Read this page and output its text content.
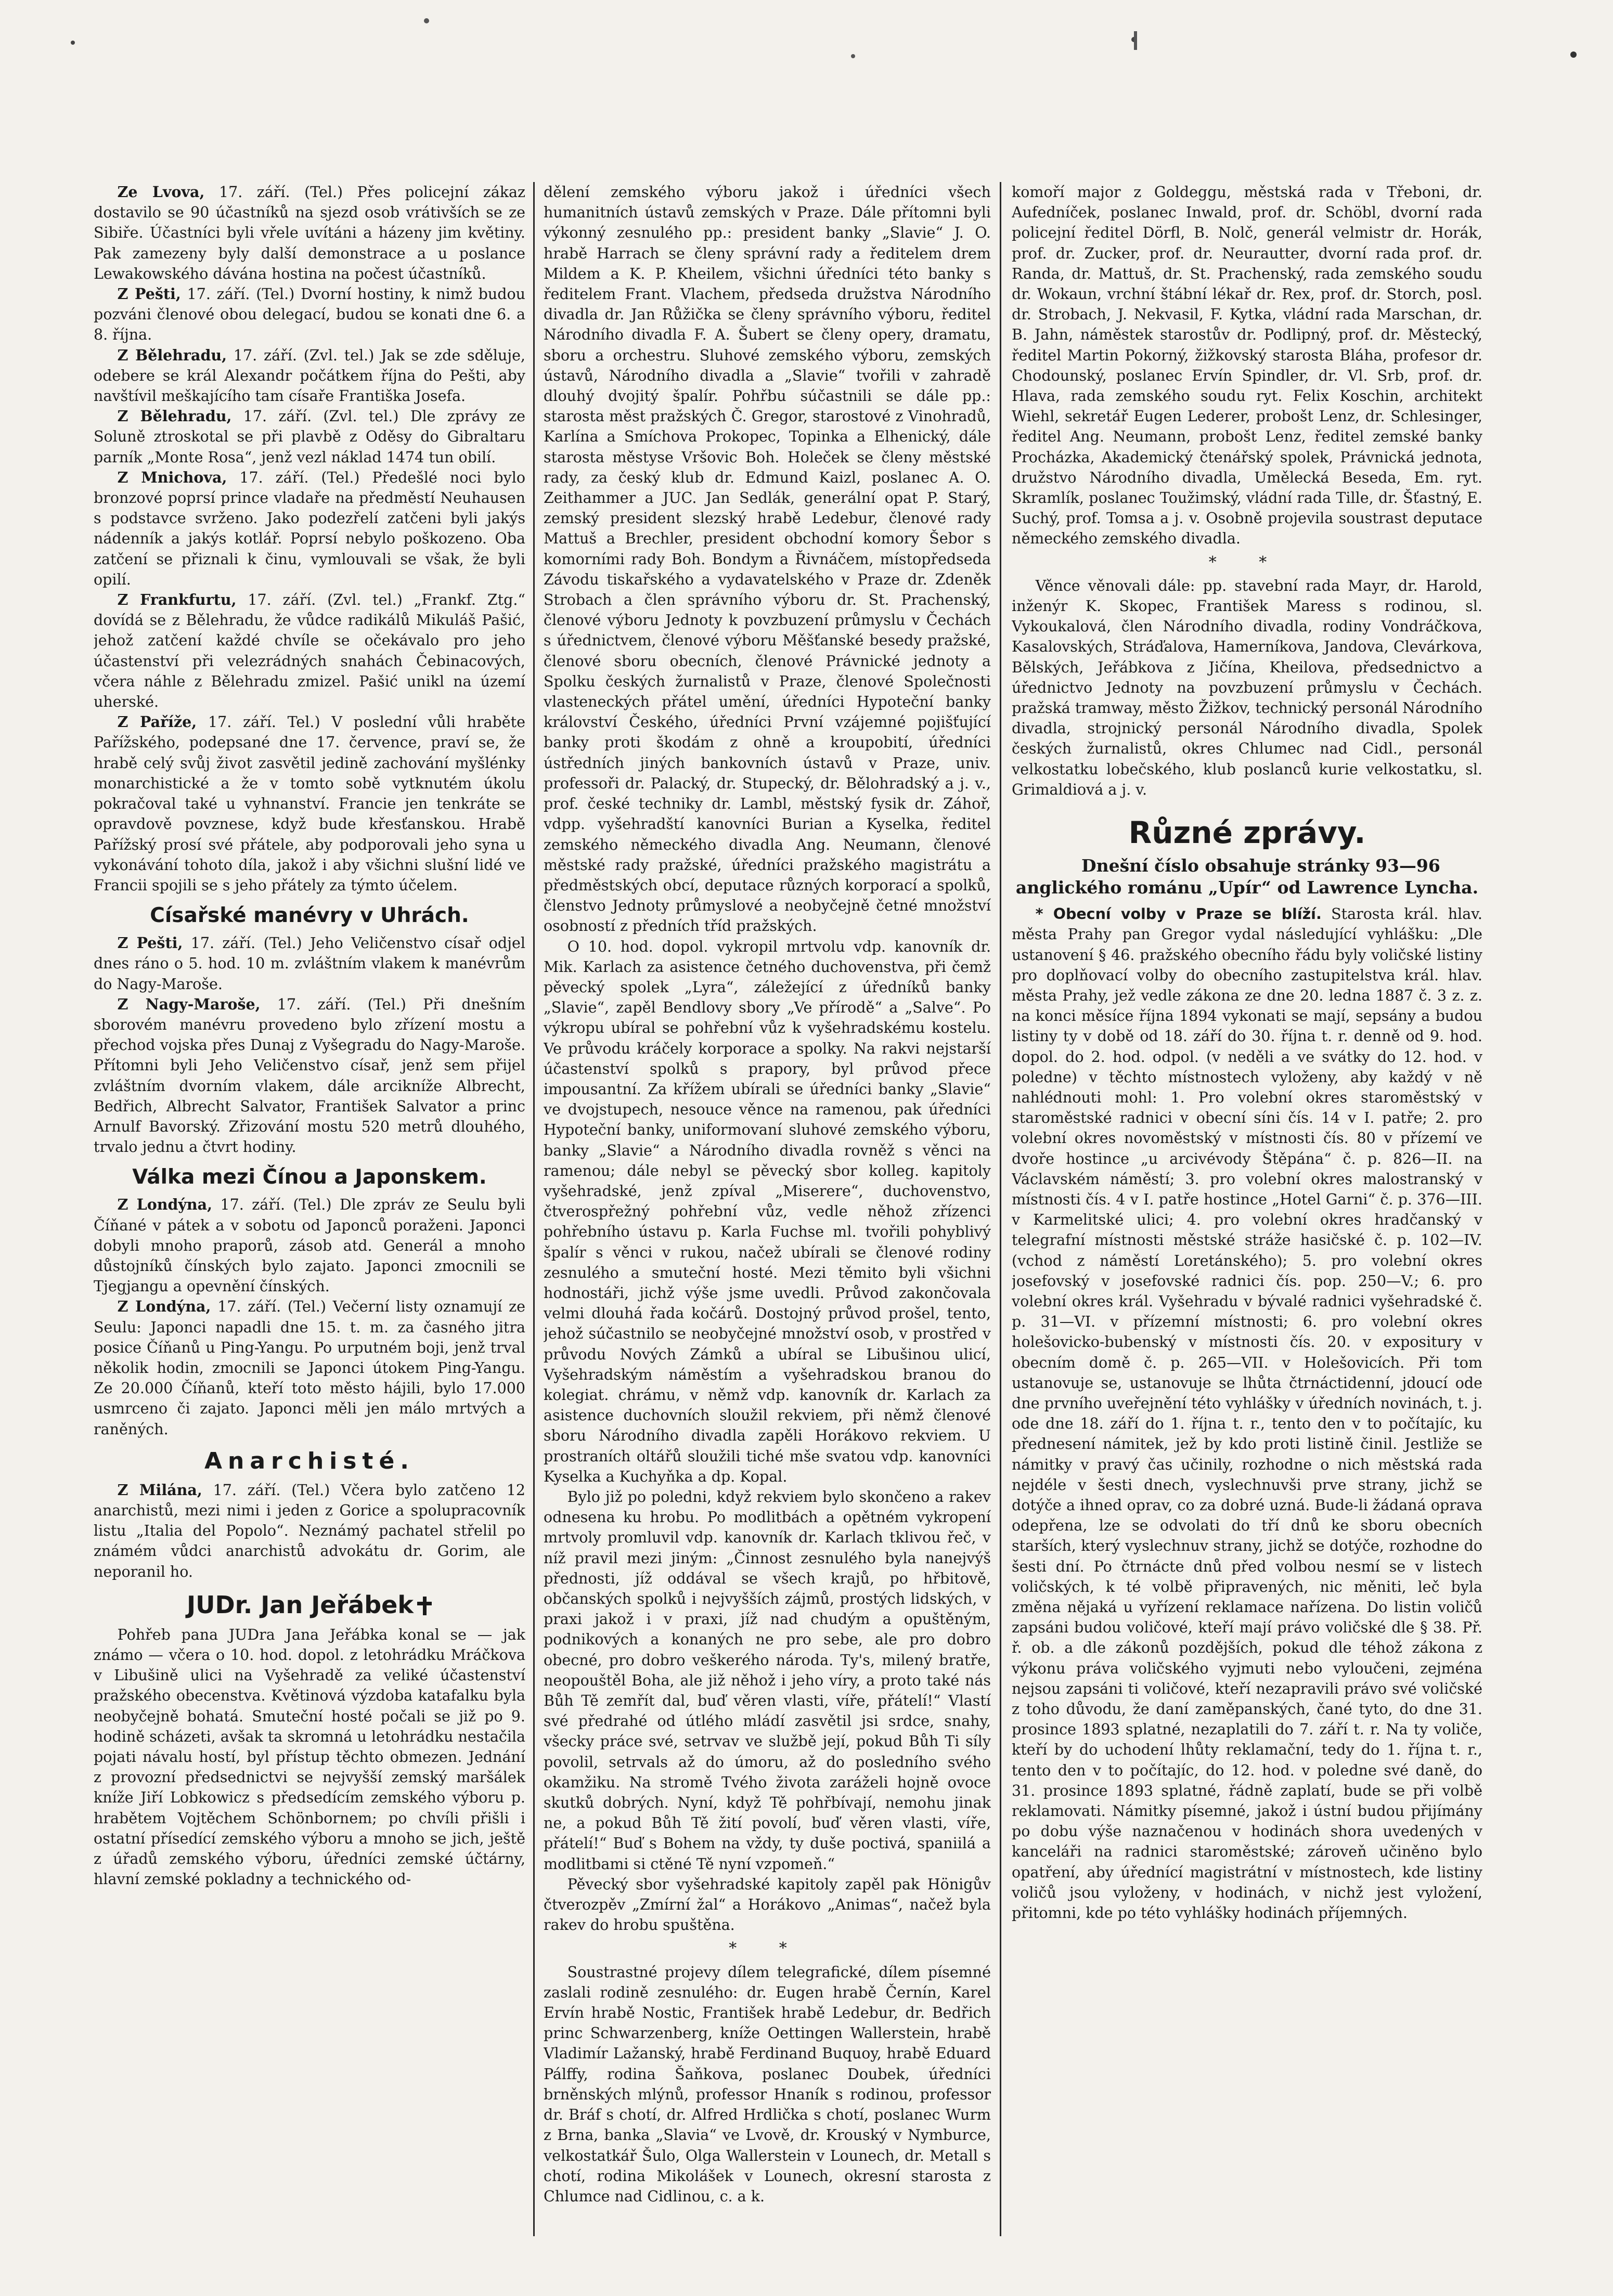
Ze Lvova, 17. září. (Tel.) Přes policejní zákaz dostavilo se 90 účastníků na sjezd osob vrátivších se ze Sibiře. Účastníci byli vřele uvítáni a házeny jim květiny. Pak zamezeny byly další demonstrace a u poslance Lewakowského dávána hostina na počest účastníků.

Z Pešti, 17. září. (Tel.) Dvorní hostiny, k nimž budou pozváni členové obou delegací, budou se konati dne 6. a 8. října.

Z Bělehradu, 17. září. (Zvl. tel.) Jak se zde sděluje, odebere se král Alexandr počátkem října do Pešti, aby navštívil meškajícího tam císaře Františka Josefa.

Z Bělehradu, 17. září. (Zvl. tel.) Dle zprávy ze Soluně ztroskotal se při plavbě z Oděsy do Gibraltaru parník „Monte Rosa“, jenž vezl náklad 1474 tun obilí.

Z Mnichova, 17. září. (Tel.) Předešlé noci bylo bronzové poprsí prince vladaře na předměstí Neuhausen s podstavce svrženo. Jako podezřelí zatčeni byli jakýs nádenník a jakýs kotlář. Poprsí nebylo poškozeno. Oba zatčení se přiznali k činu, vymlouvali se však, že byli opilí.

Z Frankfurtu, 17. září. (Zvl. tel.) „Frankf. Ztg.“ dovídá se z Bělehradu, že vůdce radikálů Mikuláš Pašić, jehož zatčení každé chvíle se očekávalo pro jeho účastenství při velezrádných snahách Čebinacových, včera náhle z Bělehradu zmizel. Pašić unikl na území uherské.

Z Paříže, 17. září. Tel.) V poslední vůli hraběte Pařížského, podepsané dne 17. července, praví se, že hrabě celý svůj život zasvětil jedině zachování myšlénky monarchistické a že v tomto sobě vytknutém úkolu pokračoval také u vyhnanství. Francie jen tenkráte se opravdově povznese, když bude křesťanskou. Hrabě Pařížský prosí své přátele, aby podporovali jeho syna u vykonávání tohoto díla, jakož i aby všichni slušní lidé ve Francii spojili se s jeho přátely za týmto účelem.

Císařské manévry v Uhrách.

Z Pešti, 17. září. (Tel.) Jeho Veličenstvo císař odjel dnes ráno o 5. hod. 10 m. zvláštním vlakem k manévrům do Nagy-Maroše.

Z Nagy-Maroše, 17. září. (Tel.) Při dnešním sborovém manévru provedeno bylo zřízení mostu a přechod vojska přes Dunaj z Vyšegradu do Nagy-Maroše. Přítomni byli Jeho Veličenstvo císař, jenž sem přijel zvláštním dvorním vlakem, dále arcikníže Albrecht, Bedřich, Albrecht Salvator, František Salvator a princ Arnulf Bavorský. Zřizování mostu 520 metrů dlouhého, trvalo jednu a čtvrt hodiny.

Válka mezi Čínou a Japonskem.

Z Londýna, 17. září. (Tel.) Dle zpráv ze Seulu byli Číňané v pátek a v sobotu od Japonců poraženi. Japonci dobyli mnoho praporů, zásob atd. Generál a mnoho důstojníků čínských bylo zajato. Japonci zmocnili se Tjegjangu a opevnění čínských.

Z Londýna, 17. září. (Tel.) Večerní listy oznamují ze Seulu: Japonci napadli dne 15. t. m. za časného jitra posice Číňanů u Ping-Yangu. Po urputném boji, jenž trval několik hodin, zmocnili se Japonci útokem Ping-Yangu. Ze 20.000 Číňanů, kteří toto město hájili, bylo 17.000 usmrceno či zajato. Japonci měli jen málo mrtvých a raněných.

Anarchisté.

Z Milána, 17. září. (Tel.) Včera bylo zatčeno 12 anarchistů, mezi nimi i jeden z Gorice a spolupracovník listu „Italia del Popolo“. Neznámý pachatel střelil po známém vůdci anarchistů advokátu dr. Gorim, ale neporanil ho.

JUDr. Jan Jeřábek

Pohřeb pana JUDra Jana Jeřábka konal se — jak známo — včera o 10. hod. dopol. z letohrádku Mráčkova v Libušině ulici na Vyšehradě za veliké účastenství pražského obecenstva. Květinová výzdoba katafalku byla neobyčejně bohatá. Smuteční hosté počali se již po 9. hodině scházeti, avšak ta skromná u letohrádku nestačila pojati návalu hostí, byl přístup těchto obmezen. Jednání z provozní předsednictvi se nejvyšší zemský maršálek kníže Jiří Lobkowicz s předsedícím zemského výboru p. hrabětem Vojtěchem Schönbornem; po chvíli přišli i ostatní přísedící zemského výboru a mnoho se jich, ještě z úřadů zemského výboru, úředníci zemské účtárny, hlavní zemské pokladny a technického od-

dělení zemského výboru jakož i úředníci všech humanitních ústavů zemských v Praze. Dále přítomni byli výkonný zesnulého pp.: president banky „Slavie“ J. O. hrabě Harrach se členy správní rady a ředitelem drem Mildem a K. P. Kheilem, všichni úředníci této banky s ředitelem Frant. Vlachem, předseda družstva Národního divadla dr. Jan Růžička se členy správního výboru, ředitel Národního divadla F. A. Šubert se členy opery, dramatu, sboru a orchestru. Sluhové zemského výboru, zemských ústavů, Národního divadla a „Slavie“ tvořili v zahradě dlouhý dvojitý špalír. Pohřbu súčastnili se dále pp.: starosta měst pražských Č. Gregor, starostové z Vinohradů, Karlína a Smíchova Prokopec, Topinka a Elhenický, dále starosta městyse Vršovic Boh. Holeček se členy městské rady, za český klub dr. Edmund Kaizl, poslanec A. O. Zeithammer a JUC. Jan Sedlák, generální opat P. Starý, zemský president slezský hrabě Ledebur, členové rady Mattuš a Brechler, president obchodní komory Šebor s komorními rady Boh. Bondym a Řivnáčem, místopředseda Závodu tiskařského a vydavatelského v Praze dr. Zdeněk Strobach a člen správního výboru dr. St. Prachenský, členové výboru Jednoty k povzbuzení průmyslu v Čechách s úřednictvem, členové výboru Měšťanské besedy pražské, členové sboru obecních, členové Právnické jednoty a Spolku českých žurnalistů v Praze, členové Společnosti vlasteneckých přátel umění, úředníci Hypoteční banky království Českého, úředníci První vzájemné pojišťující banky proti škodám z ohně a kroupobití, úředníci ústředních jiných bankovních ústavů v Praze, univ. professoři dr. Palacký, dr. Stupecký, dr. Bělohradský a j. v., prof. české techniky dr. Lambl, městský fysik dr. Záhoř, vdpp. vyšehradští kanovníci Burian a Kyselka, ředitel zemského německého divadla Ang. Neumann, členové městské rady pražské, úředníci pražského magistrátu a předměstských obcí, deputace různých korporací a spolků, členstvo Jednoty průmyslové a neobyčejně četné množství osobností z předních tříd pražských.

O 10. hod. dopol. vykropil mrtvolu vdp. kanovník dr. Mik. Karlach za asistence četného duchovenstva, při čemž pěvecký spolek „Lyra“, záležející z úředníků banky „Slavie“, zapěl Bendlovy sbory „Ve přírodě“ a „Salve“. Po výkropu ubíral se pohřební vůz k vyšehradskému kostelu. Ve průvodu kráčely korporace a spolky. Na rakvi nejstarší účastenství spolků s prapory, byl průvod přece impousantní. Za křížem ubírali se úředníci banky „Slavie“ ve dvojstupech, nesouce věnce na ramenou, pak úředníci Hypoteční banky, uniformovaní sluhové zemského výboru, banky „Slavie“ a Národního divadla rovněž s věnci na ramenou; dále nebyl se pěvecký sbor kolleg. kapitoly vyšehradské, jenž zpíval „Miserere“, duchovenstvo, čtverospřežný pohřební vůz, vedle něhož zřízenci pohřebního ústavu p. Karla Fuchse ml. tvořili pohyblivý špalír s věnci v rukou, načež ubírali se členové rodiny zesnulého a smuteční hosté. Mezi těmito byli všichni hodnostáři, jichž výše jsme uvedli. Průvod zakončovala velmi dlouhá řada kočárů. Dostojný průvod prošel, tento, jehož súčastnilo se neobyčejné množství osob, v prostřed v průvodu Nových Zámků a ubíral se Libušinou ulicí, Vyšehradským náměstím a vyšehradskou branou do kolegiat. chrámu, v němž vdp. kanovník dr. Karlach za asistence duchovních sloužil rekviem, při němž členové sboru Národního divadla zapěli Horákovo rekviem. U prostraních oltářů sloužili tiché mše svatou vdp. kanovníci Kyselka a Kuchyňka a dp. Kopal.

Bylo již po poledni, když rekviem bylo skončeno a rakev odnesena ku hrobu. Po modlitbách a opětném vykropení mrtvoly promluvil vdp. kanovník dr. Karlach tklivou řeč, v níž pravil mezi jiným: „Činnost zesnulého byla nanejvýš přednosti, jíž oddával se všech krajů, po hřbitově, občanských spolků i nejvyšších zájmů, prostých lidských, v praxi jakož i v praxi, jíž nad chudým a opuštěným, podnikových a konaných ne pro sebe, ale pro dobro obecné, pro dobro veškerého národa. Ty's, milený bratře, neopouštěl Boha, ale již něhož i jeho víry, a proto také nás Bůh Tě zemřít dal, buď věren vlasti, víře, přátelí!“ Vlastí své předrahé od útlého mládí zasvětil jsi srdce, snahy, všecky práce své, setrvav ve službě její, pokud Bůh Ti síly povolil, setrvals až do úmoru, až do posledního svého okamžiku. Na stromě Tvého života zaráželi hojně ovoce skutků dobrých. Nyní, když Tě pohřbívají, nemohu jinak ne, a pokud Bůh Tě žití povolí, buď věren vlasti, víře, přátelí!“ Buď s Bohem na vždy, ty duše poctivá, spaniilá a modlitbami si ctěné Tě nyní vzpomeň.“

Pěvecký sbor vyšehradské kapitoly zapěl pak Hönigův čtverozpěv „Zmírní žal“ a Horákovo „Animas“, načež byla rakev do hrobu spuštěna.

* *

Soustrastné projevy dílem telegrafické, dílem písemné zaslali rodině zesnulého: dr. Eugen hrabě Černín, Karel Ervín hrabě Nostic, František hrabě Ledebur, dr. Bedřich princ Schwarzenberg, kníže Oettingen Wallerstein, hrabě Vladimír Lažanský, hrabě Ferdinand Buquoy, hrabě Eduard Pálffy, rodina Šaňkova, poslanec Doubek, úředníci brněnských mlýnů, professor Hnaník s rodinou, professor dr. Bráf s chotí, dr. Alfred Hrdlička s chotí, poslanec Wurm z Brna, banka „Slavia“ ve Lvově, dr. Krouský v Nymburce, velkostatkář Šulo, Olga Wallerstein v Lounech, dr. Metall s chotí, rodina Mikolášek v Lounech, okresní starosta z Chlumce nad Cidlinou, c. a k.

komoří major z Goldeggu, městská rada v Třeboni, dr. Aufedníček, poslanec Inwald, prof. dr. Schöbl, dvorní rada policejní ředitel Dörfl, B. Nolč, generál velmistr dr. Horák, prof. dr. Zucker, prof. dr. Neurautter, dvorní rada prof. dr. Randa, dr. Mattuš, dr. St. Prachenský, rada zemského soudu dr. Wokaun, vrchní štábní lékař dr. Rex, prof. dr. Storch, posl. dr. Strobach, J. Nekvasil, F. Kytka, vládní rada Marschan, dr. B. Jahn, náměstek starostův dr. Podlipný, prof. dr. Městecký, ředitel Martin Pokorný, žižkovský starosta Bláha, profesor dr. Chodounský, poslanec Ervín Spindler, dr. Vl. Srb, prof. dr. Hlava, rada zemského soudu ryt. Felix Koschin, architekt Wiehl, sekretář Eugen Lederer, probošt Lenz, dr. Schlesinger, ředitel Ang. Neumann, probošt Lenz, ředitel zemské banky Procházka, Akademický čtenářský spolek, Právnická jednota, družstvo Národního divadla, Umělecká Beseda, Em. ryt. Skramlík, poslanec Toužimský, vládní rada Tille, dr. Šťastný, E. Suchý, prof. Tomsa a j. v. Osobně projevila soustrast deputace německého zemského divadla.

* *

Věnce věnovali dále: pp. stavební rada Mayr, dr. Harold, inženýr K. Skopec, František Maress s rodinou, sl. Vykoukalová, člen Národního divadla, rodiny Vondráčkova, Kasalovských, Stráďalova, Hamerníkova, Jandova, Clevárkova, Bělských, Jeřábkova z Jičína, Kheilova, předsednictvo a úřednictvo Jednoty na povzbuzení průmyslu v Čechách. pražská tramway, město Žižkov, technický personál Národního divadla, strojnický personál Národního divadla, Spolek českých žurnalistů, okres Chlumec nad Cidl., personál velkostatku lobečského, klub poslanců kurie velkostatku, sl. Grimaldiová a j. v.

Různé zprávy.

Dnešní číslo obsahuje stránky 93—96 anglického románu „Upír“ od Lawrence Lyncha.

* Obecní volby v Praze se blíží. Starosta král. hlav. města Prahy pan Gregor vydal následující vyhlášku: „Dle ustanovení § 46. pražského obecního řádu byly voličské listiny pro doplňovací volby do obecního zastupitelstva král. hlav. města Prahy, jež vedle zákona ze dne 20. ledna 1887 č. 3 z. z. na konci měsíce října 1894 vykonati se mají, sepsány a budou listiny ty v době od 18. září do 30. října t. r. denně od 9. hod. dopol. do 2. hod. odpol. (v neděli a ve svátky do 12. hod. v poledne) v těchto místnostech vyloženy, aby každý v ně nahlédnouti mohl: 1. Pro volební okres staroměstský v staroměstské radnici v obecní síni čís. 14 v I. patře; 2. pro volební okres novoměstský v místnosti čís. 80 v přízemí ve dvoře hostince „u arcivévody Štěpána“ č. p. 826—II. na Václavském náměstí; 3. pro volební okres malostranský v místnosti čís. 4 v I. patře hostince „Hotel Garni“ č. p. 376—III. v Karmelitské ulici; 4. pro volební okres hradčanský v telegrafní místnosti městské stráže hasičské č. p. 102—IV. (vchod z náměstí Loretánského); 5. pro volební okres josefovský v josefovské radnici čís. pop. 250—V.; 6. pro volební okres král. Vyšehradu v bývalé radnici vyšehradské č. p. 31—VI. v přízemní místnosti; 6. pro volební okres holešovicko-bubenský v místnosti čís. 20. v expositury v obecním domě č. p. 265—VII. v Holešovicích. Při tom ustanovuje se, ustanovuje se lhůta čtrnáctidenní, jdoucí ode dne prvního uveřejnění této vyhlášky v úředních novinách, t. j. ode dne 18. září do 1. října t. r., tento den v to počítajíc, ku přednesení námitek, jež by kdo proti listině činil. Jestliže se námitky v pravý čas učinily, rozhodne o nich městská rada nejdéle v šesti dnech, vyslechnuvši prve strany, jichž se dotýče a ihned oprav, co za dobré uzná. Bude-li žádaná oprava odepřena, lze se odvolati do tří dnů ke sboru obecních starších, který vyslechnuv strany, jichž se dotýče, rozhodne do šesti dní. Po čtrnácte dnů před volbou nesmí se v listech voličských, k té volbě připravených, nic měniti, leč byla změna nějaká u vyřízení reklamace nařízena. Do listin voličů zapsáni budou voličové, kteří mají právo voličské dle § 38. Př. ř. ob. a dle zákonů pozdějších, pokud dle téhož zákona z výkonu práva voličského vyjmuti nebo vyloučeni, zejména nejsou zapsáni ti voličové, kteří nezapravili právo své voličské z toho důvodu, že daní zaměpanských, čané tyto, do dne 31. prosince 1893 splatné, nezaplatili do 7. září t. r. Na ty voliče, kteří by do uchodení lhůty reklamační, tedy do 1. října t. r., tento den v to počítajíc, do 12. hod. v poledne své daně, do 31. prosince 1893 splatné, řádně zaplatí, bude se při volbě reklamovati. Námitky písemné, jakož i ústní budou přijímány po dobu výše naznačenou v hodinách shora uvedených v kanceláři na radnici staroměstské; zároveň učiněno bylo opatření, aby úřednící magistrátní v místnostech, kde listiny voličů jsou vyloženy, v hodinách, v nichž jest vyložení, přitomni, kde po této vyhlášky hodinách příjemných.
